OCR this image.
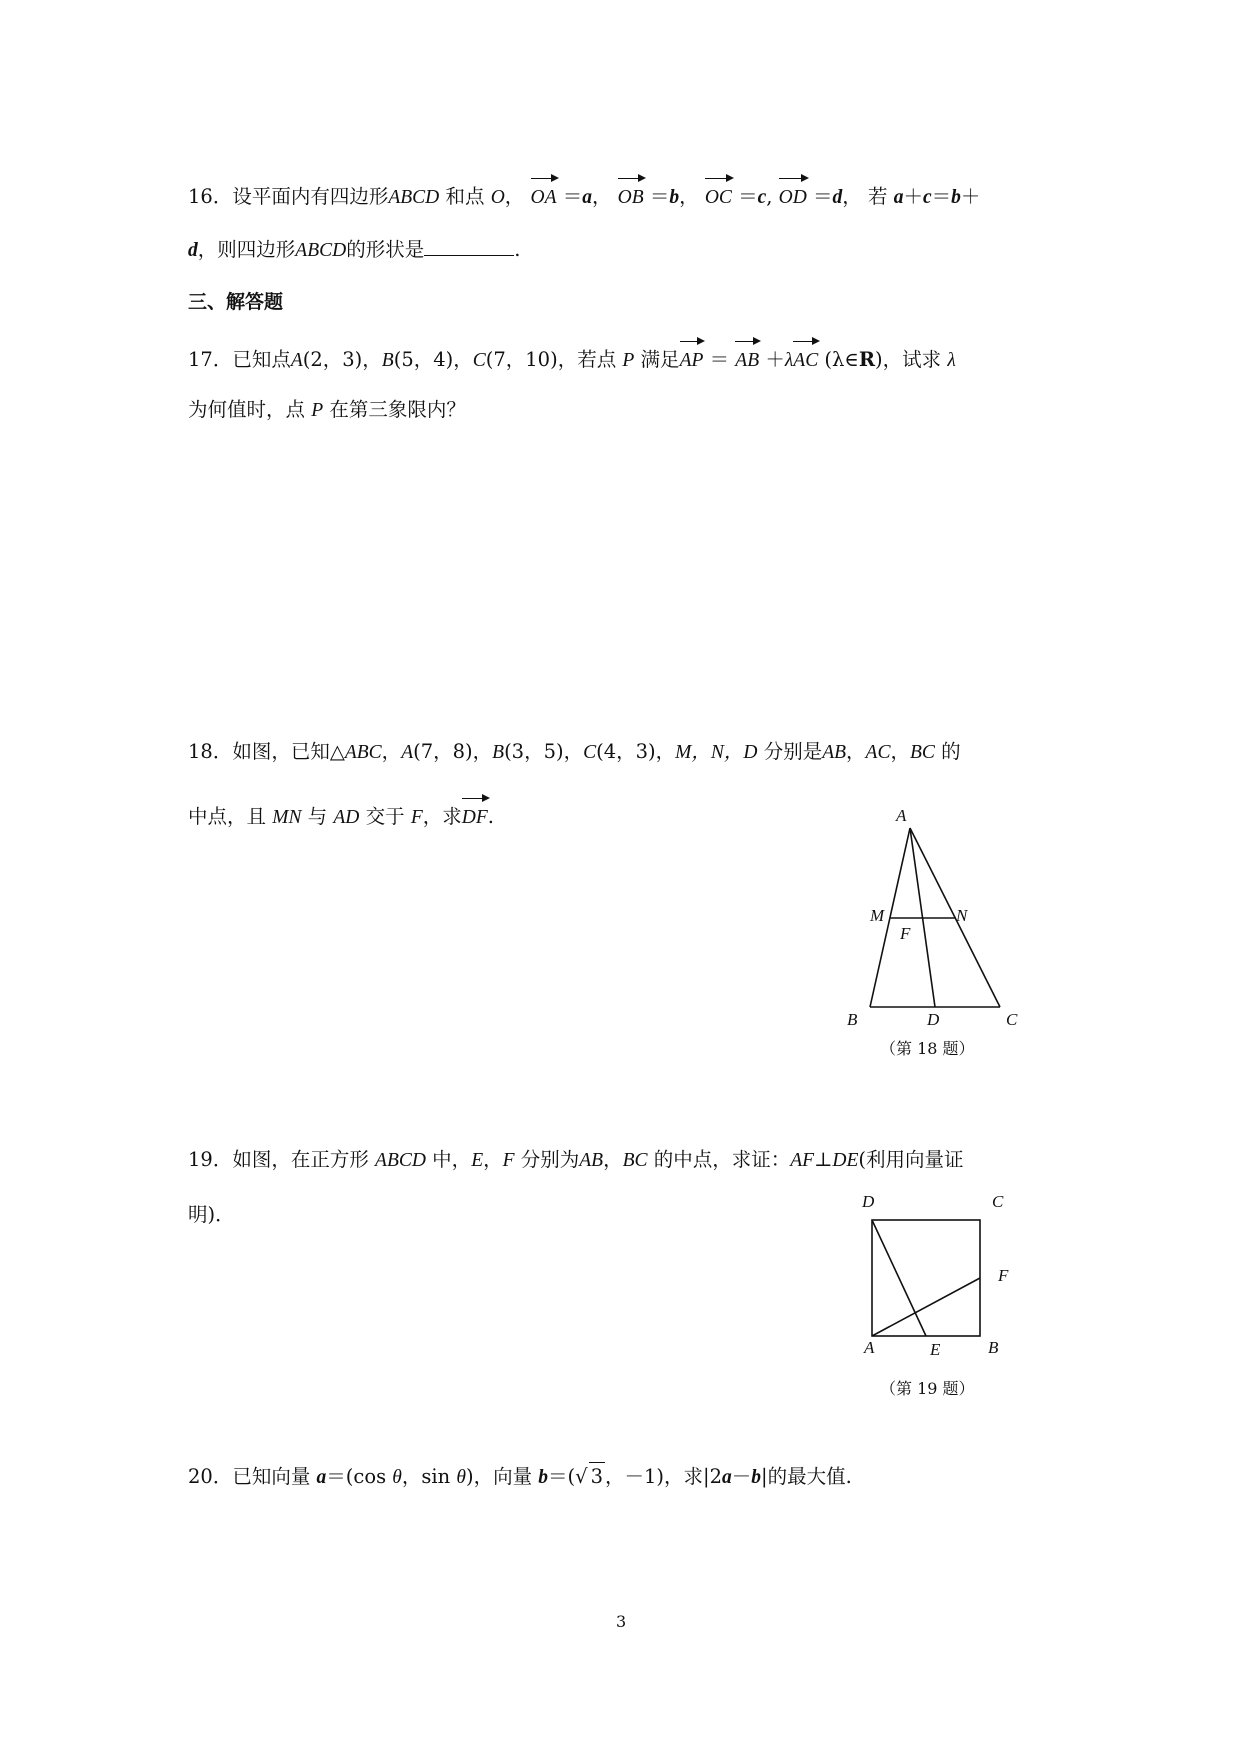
16．设平面内有四边形ABCD 和点 O， OA ＝a， OB ＝b， OC ＝c, OD ＝d， 若 a＋c＝b＋
d，则四边形ABCD的形状是	.
三、解答题
17．已知点A(2，3)，B(5，4)，C(7，10)，若点 P 满足AP ＝ AB ＋λAC (λ∈R)，试求 λ
为何值时，点 P 在第三象限内？
18．如图，已知△ABC，A(7，8)，B(3，5)，C(4，3)，M，N，D 分别是AB，AC，BC 的
中点，且 MN 与 AD 交于 F，求DF.	A
M	N
F
B	D	C
（第 18 题）
19．如图，在正方形 ABCD 中，E，F 分别为AB，BC 的中点，求证：AF⊥DE(利用向量证
明)．
D	C
F
A	E	B
（第 19 题）
20．已知向量 a＝(cos θ，sin θ)，向量 b＝(√ 3 ，－1)，求|2a－b|的最大值.
3
